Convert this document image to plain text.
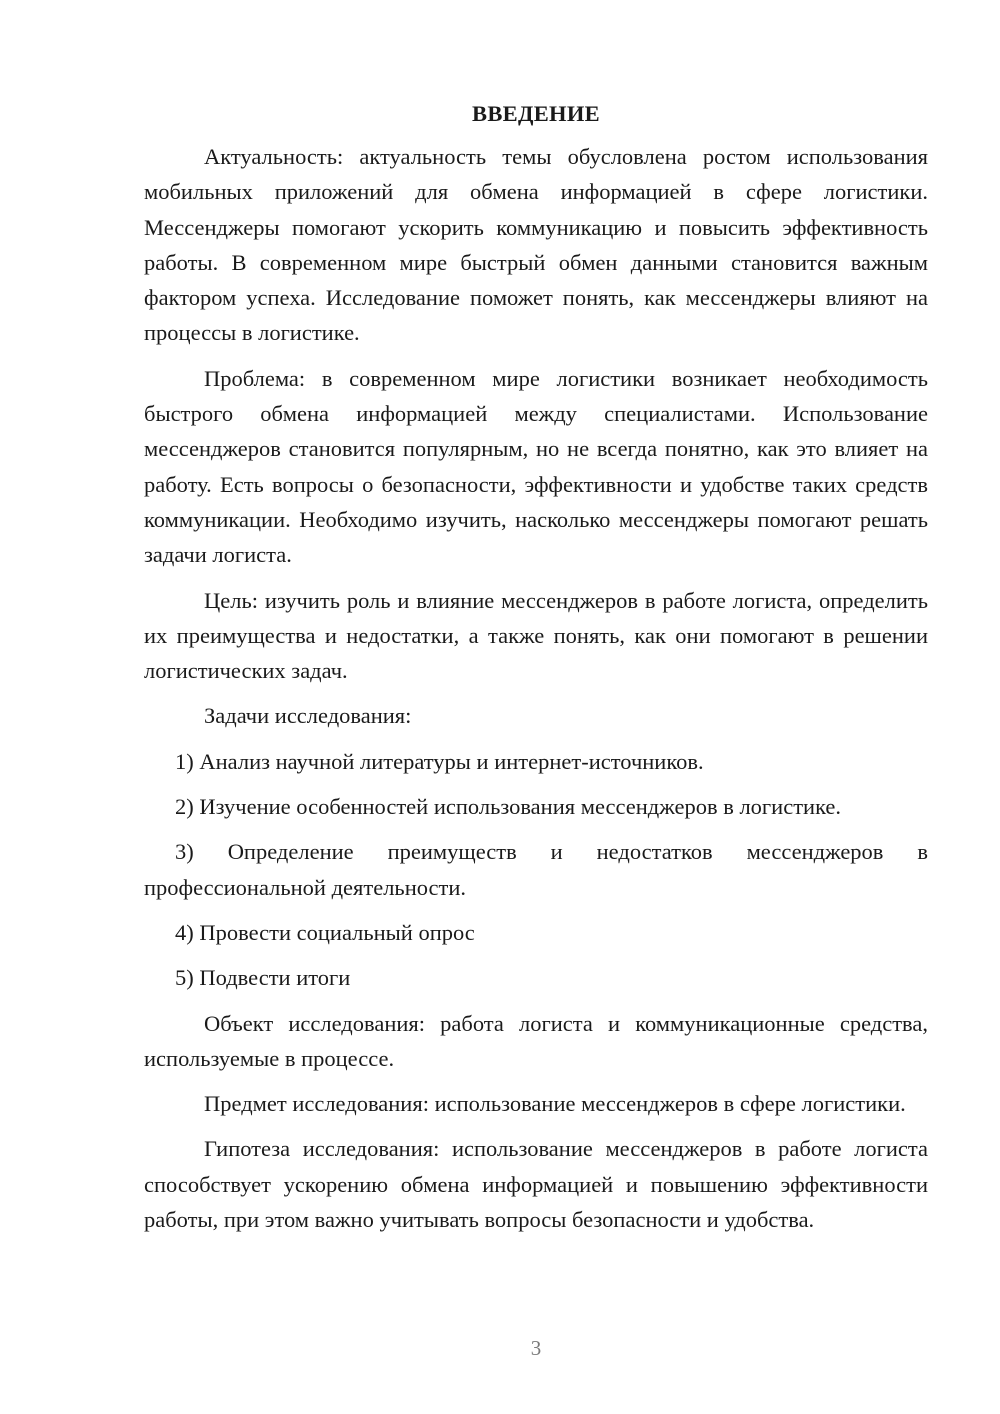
ВВЕДЕНИЕ

Актуальность: актуальность темы обусловлена ростом использования мобильных приложений для обмена информацией в сфере логистики. Мессенджеры помогают ускорить коммуникацию и повысить эффективность работы. В современном мире быстрый обмен данными становится важным фактором успеха. Исследование поможет понять, как мессенджеры влияют на процессы в логистике.

Проблема: в современном мире логистики возникает необходимость быстрого обмена информацией между специалистами. Использование мессенджеров становится популярным, но не всегда понятно, как это влияет на работу. Есть вопросы о безопасности, эффективности и удобстве таких средств коммуникации. Необходимо изучить, насколько мессенджеры помогают решать задачи логиста.

Цель: изучить роль и влияние мессенджеров в работе логиста, определить их преимущества и недостатки, а также понять, как они помогают в решении логистических задач.

Задачи исследования:

1) Анализ научной литературы и интернет-источников.

2) Изучение особенностей использования мессенджеров в логистике.

3) Определение преимуществ и недостатков мессенджеров в профессиональной деятельности.

4) Провести социальный опрос

5) Подвести итоги

Объект исследования: работа логиста и коммуникационные средства, используемые в процессе.

Предмет исследования: использование мессенджеров в сфере логистики.

Гипотеза исследования: использование мессенджеров в работе логиста способствует ускорению обмена информацией и повышению эффективности работы, при этом важно учитывать вопросы безопасности и удобства.

3
